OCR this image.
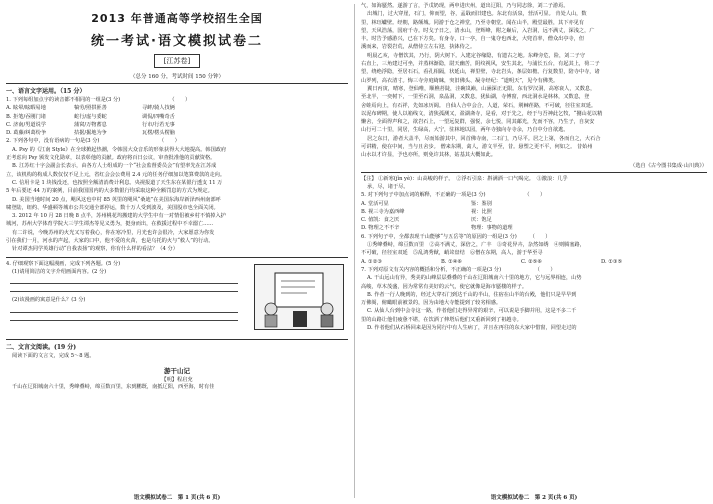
2013 年普通高等学校招生全国
统一考试·语文模拟试卷二
[江苏卷]
（总分 160 分，考试时间 150 分钟）
一、语言文字运用。（15 分）
1. 下列每组加点字的读音都不相同的一组是(3 分)　　　　　　　　　　（　　）
A. 眩晕/眩暇易地	犒劳/照拱匪善	寻衅/骑人技俩
B. 拒笔/吞刚门诸	蛇行/虚与委蛇	调侃/四嘴奇舌
C. 济南/男道说学	蒲窝/万物蓄息	行市/行若无事
D. 葛藤/纠葛纷争	拮据/掘地为争	瓦楞/楞头楞脑
2. 下列各句中，没有语病的一句是(3 分)　　　　　　　　　　　　（　　）
A. Psy 的《江南 Style》在全球掀起热潮，令韩国大众音乐的形象获得大大地提高。韩国政府
正考虑向 Psy 颁发文化勋章，以表彰他的贡献。政府将百日公议，审查批准他的贡献资格。
B. 江苏红十字会副会长表示，由各方人士组成的一个“社会监督委员会”有望率先在江苏成
立，该机构的构成人数仅仅不足上元，省红会会公费用 2.4 元的任务仔细加以笔算费款的走向。
C. 信用卡是 1 块钱没还，也按照全额清消费计利息。央视报道了天生东在某银行透支 11 万
5 年后要还 44 万的案例，目前我国国内的大多数银行均采取这种全额罚息的方式为规定。
D. 美国当地时间 20 点，飓风这也中村 85 英里的飓风“桑迪”在美国东海岸新泽西州南部呼
啸登陆，纽约、华盛顿等城市公共交通全部停运，数十万人受到波及，美国股市也全面关闭。
3. 2012 年 10 月 28 日晚 8 点半，苏州桃花坞搬建的大学生中有一对情侣被乡村不慎掉入护
城河，苏州大学体育学院大三学生谭杰等见义勇为，挺身而出，在救援过程中不幸溺亡......
有二许说，今晚苏州的火光又写着我心，你在寒冷里，月光也许会很冷，大家愿意为你发
引在我们一月，河水的声起，大家的口中，他不爱的火苗，也是乌托的火与“救人”的行动。
针对谭杰同学英雄行动“自我表扬”的观察，你有什么样的看法？（4 分）
4. 仔细观察下面这幅漫画，完成下列各题。(5 分)
(1)请用简洁的文字介绍画面内容。(2 分)
(2)该漫画的寓意是什么？(3 分)
二、文言文阅读。(19 分)
阅读下面的文言文，完成 5～8 题。
游干山记
【明】程启充
千山在辽阳城南六十里，秀峰叠峙，绵亘数百里，东到鹏既，南抵辽阳，西至海，时有佳
语文模拟试卷二　第 1 页(共 6 页)
气，如海蜃然。遂游了言，予戊奶现，两申进庆州，道出辽阳，乃与同志徐，刘二子游焉。
出城门，过大穿崖，石门，仰而望，谷，孟戢而旧建也。东北有活泉，营活可显。 肯处人山，数
里，林珏巘壁。经朝，路颠城。同游于仓之禅堂，乃至寺朝堂。闻在山半，殿堂最胜，其下亦见有
望，天风浩荡，国府千寺。时戈子日之，清水山，登辉峰，附之巅后，入岩洞，远不满丈，深浅之，广
丰。时告予感游兴，已在下方矣。有身寺，口一亭，自一鬼夺也西北，大兜首率，僧众出亭寺，但
溪而来，岩裂岩荒，从僧侍立左右迎，执钵侍之。
明晨乙亥，寺僧饮其，乃行，阴大树下。入建定谷缘隐，有遗古之地。东峰旁危，险，刘二子守
右直上，三角建过可坐，并蒸林渐隐，尉天幽苦，阴纹视风，安生其北，与浦长五台，有起其上，荷二子
望，绕绝浮隐，至居石石，看孔相隔，状延山，禅里壁，寺北岩头，条层如檐。行复数里，陪寺中寺，诸
山罗列，高衣清寸。悔三寺旁庭绮睐，突旧佛头、凝寺经纪：“道明天”，见今有佛类。
翼日丙寅，晴寒，登仙唯，顺樵苔陡，洼碗岚巅，山涵深正无限。东有罗汉洞，高寒衰人，又数息，
至北半，一奕树下，一里至石洞，泉晶洞，又数息，犹仙湖，寺傅窗，西北洞水是林林，又数息，登
舍蛙焉向上，有石祥，先如冰历阔。 自仙人合中会合，人道，荣石，荆棘荏路，不可破，径往室双延。
以泥布碑期，使人以箱线文，清狭孤测又，盈湖斋寺，是看，对于先之，经于与吾神此乞牧，“捌山花以精
懒舍，全面得声和之，欲岩石上，一望远复群，强悦，余七悦，同其邮光，先而不容，乃生子，自灰安
山行可二十里，同居，生绿高，大宁，驻林地以园，两年寺独向寺寺余，乃自中分自欲逃。
居之东日，游者大盖半，尽而始游其中，回首佛寺南，二石门，乃尽平。居之上第，各而自之，大石合
可讲精，使在中间，当与且舍步。 僧来东期，禽人，游文半至，昔。悬塑之更不平，何如之。 昔始州
山水以才许显，予也亦所，则免许其林，姑基其大概如此。
（选自《古今图书集成·山川典》）
【注】 ①新寒(jǐn yè)：山高峻的样子。　②浮石引泉：斟满酒一口气喝完。　③激浪：几乎
承，尽，诸于尽。
5. 对下列句子中加点词的解释，不正确的一项是(3 分)　　　　　　　　（　　）
A. 堂活可显	鉴：鉴别
B. 视三寺为嘉西峰	视：比照
C. 值凯：食之厌	厌：饱足
D. 物理之不不辛	物理：事物的道理
6. 下列句子中，全都表现干山能够“与五岳等”的原因的一组是(3 分)　　　（　　）
①秀峰叠峙，绵亘数百里　②高不满丈，深倍之，广丰　③奇花异卉，杂然如绣　④则腾塞路，
不可破，径径室双延　⑤乱鸿秀猷，峭耸盘结　⑥僧在东期，高人，游于华至寻
A. ①②③	B. ①④⑥	C. ②⑤⑥	D. ①③⑤
7. 下列对原文有关内容的概括和分析，不正确的一项是(3 分)　　　　　　　（　　）
A. 干山远山有异，秀美的山峰层层叠叠的千山在辽阳城南六十里的地方，它与远界相连，山势
高峻，草木茂盛，因为常常有美好的云气，使它就像是海市蜃楼的样子。
B. 作者一行人晚到的，经过大穿石门到达千山的半山，住宿在山半的台殿，他们只是早早到
万佛阁，俯瞰眼前被景的，因为由地大寺能提到了较劣相感。
C. 从仙人台到中会寺这一路，作者他们走得异常的艰辛，可以说是手脚并用，这是不多二千
里的山路让他们疲惫不堪，在饮酒了伸塔后他们又重新回到了祖越寺。
D. 作者他们从石桥回来是因为同行中有人生病了，并且在再往的东大家中惜窗，回望走过的
语文模拟试卷二　第 2 页(共 6 页)
